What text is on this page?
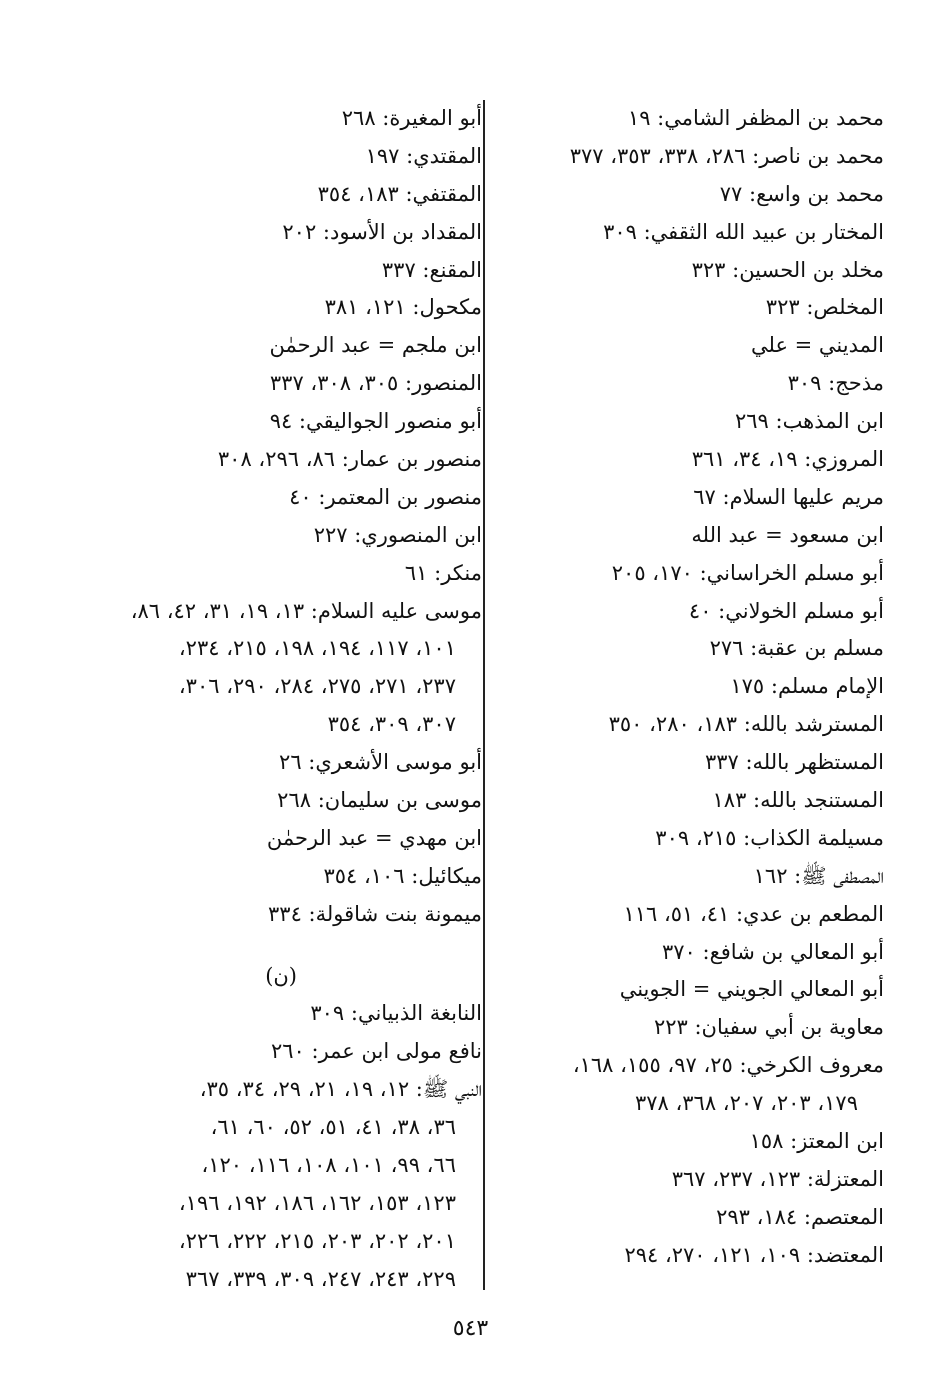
محمد بن المظفر الشامي: ١٩
محمد بن ناصر: ٢٨٦، ٣٣٨، ٣٥٣، ٣٧٧
محمد بن واسع: ٧٧
المختار بن عبيد الله الثقفي: ٣٠٩
مخلد بن الحسين: ٣٢٣
المخلص: ٣٢٣
المديني = علي
مذحج: ٣٠٩
ابن المذهب: ٢٦٩
المروزي: ١٩، ٣٤، ٣٦١
مريم عليها السلام: ٦٧
ابن مسعود = عبد الله
أبو مسلم الخراساني: ١٧٠، ٢٠٥
أبو مسلم الخولاني: ٤٠
مسلم بن عقبة: ٢٧٦
الإمام مسلم: ١٧٥
المسترشد بالله: ١٨٣، ٢٨٠، ٣٥٠
المستظهر بالله: ٣٣٧
المستنجد بالله: ١٨٣
مسيلمة الكذاب: ٢١٥، ٣٠٩
المصطفى ﷺ: ١٦٢
المطعم بن عدي: ٤١، ٥١، ١١٦
أبو المعالي بن شافع: ٣٧٠
أبو المعالي الجويني = الجويني
معاوية بن أبي سفيان: ٢٢٣
معروف الكرخي: ٢٥، ٩٧، ١٥٥، ١٦٨،
١٧٩، ٢٠٣، ٢٠٧، ٣٦٨، ٣٧٨
ابن المعتز: ١٥٨
المعتزلة: ١٢٣، ٢٣٧، ٣٦٧
المعتصم: ١٨٤، ٢٩٣
المعتضد: ١٠٩، ١٢١، ٢٧٠، ٢٩٤
أبو المغيرة: ٢٦٨
المقتدي: ١٩٧
المقتفي: ١٨٣، ٣٥٤
المقداد بن الأسود: ٢٠٢
المقنع: ٣٣٧
مكحول: ١٢١، ٣٨١
ابن ملجم = عبد الرحمٰن
المنصور: ٣٠٥، ٣٠٨، ٣٣٧
أبو منصور الجواليقي: ٩٤
منصور بن عمار: ٨٦، ٢٩٦، ٣٠٨
منصور بن المعتمر: ٤٠
ابن المنصوري: ٢٢٧
منكر: ٦١
موسى عليه السلام: ١٣، ١٩، ٣١، ٤٢، ٨٦،
١٠١، ١١٧، ١٩٤، ١٩٨، ٢١٥، ٢٣٤،
٢٣٧، ٢٧١، ٢٧٥، ٢٨٤، ٢٩٠، ٣٠٦،
٣٠٧، ٣٠٩، ٣٥٤
أبو موسى الأشعري: ٢٦
موسى بن سليمان: ٢٦٨
ابن مهدي = عبد الرحمٰن
ميكائيل: ١٠٦، ٣٥٤
ميمونة بنت شاقولة: ٣٣٤
(ن)
النابغة الذبياني: ٣٠٩
نافع مولى ابن عمر: ٢٦٠
النبي ﷺ: ١٢، ١٩، ٢١، ٢٩، ٣٤، ٣٥،
٣٦، ٣٨، ٤١، ٥١، ٥٢، ٦٠، ٦١،
٦٦، ٩٩، ١٠١، ١٠٨، ١١٦، ١٢٠،
١٢٣، ١٥٣، ١٦٢، ١٨٦، ١٩٢، ١٩٦،
٢٠١، ٢٠٢، ٢٠٣، ٢١٥، ٢٢٢، ٢٢٦،
٢٢٩، ٢٤٣، ٢٤٧، ٣٠٩، ٣٣٩، ٣٦٧
٥٤٣
